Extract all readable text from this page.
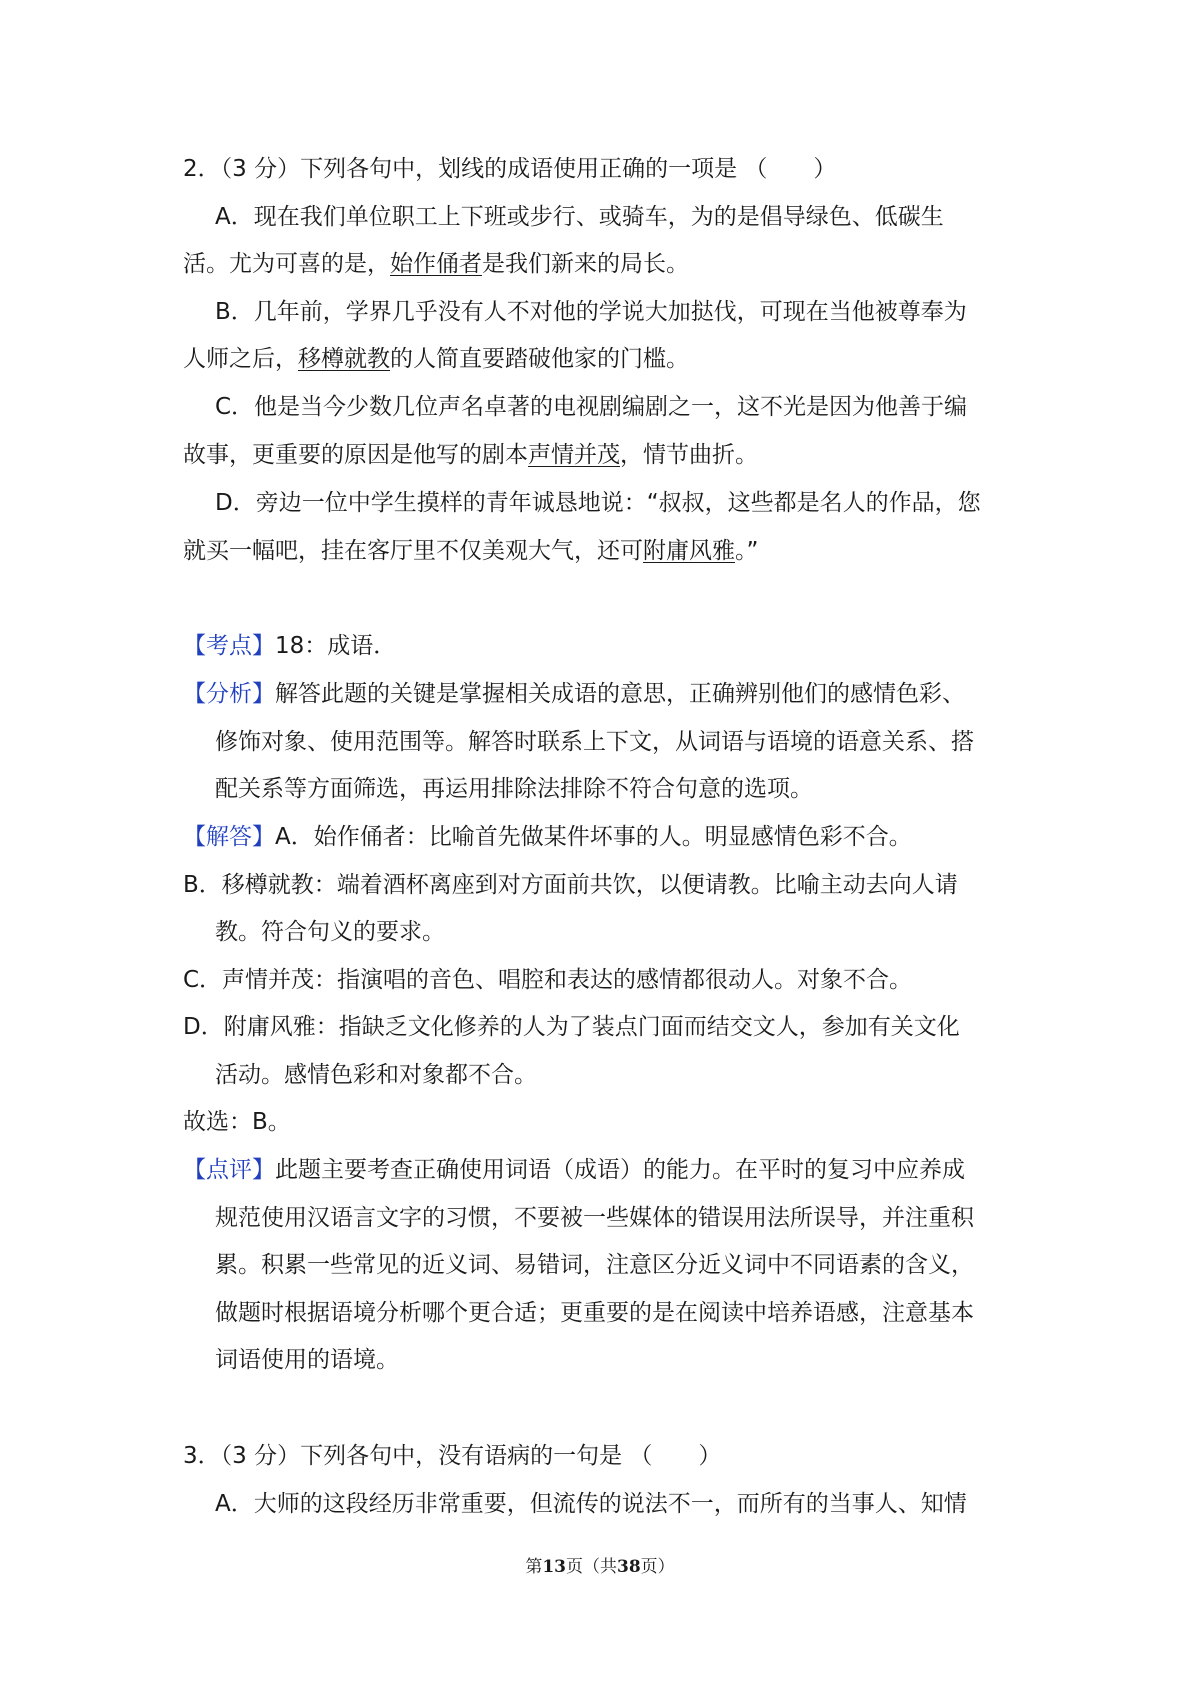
2．（3 分）下列各句中，划线的成语使用正确的一项是 （　　）
A．现在我们单位职工上下班或步行、或骑车，为的是倡导绿色、低碳生
活。尤为可喜的是，始作俑者是我们新来的局长。
B．几年前，学界几乎没有人不对他的学说大加挞伐，可现在当他被尊奉为
人师之后，移樽就教的人简直要踏破他家的门槛。
C．他是当今少数几位声名卓著的电视剧编剧之一，这不光是因为他善于编
故事，更重要的原因是他写的剧本声情并茂，情节曲折。
D．旁边一位中学生摸样的青年诚恳地说：“叔叔，这些都是名人的作品，您
就买一幅吧，挂在客厅里不仅美观大气，还可附庸风雅。”
【考点】18：成语．
【分析】解答此题的关键是掌握相关成语的意思，正确辨别他们的感情色彩、
修饰对象、使用范围等。解答时联系上下文，从词语与语境的语意关系、搭
配关系等方面筛选，再运用排除法排除不符合句意的选项。
【解答】A．始作俑者：比喻首先做某件坏事的人。明显感情色彩不合。
B．移樽就教：端着酒杯离座到对方面前共饮，以便请教。比喻主动去向人请
教。符合句义的要求。
C．声情并茂：指演唱的音色、唱腔和表达的感情都很动人。对象不合。
D．附庸风雅：指缺乏文化修养的人为了装点门面而结交文人，参加有关文化
活动。感情色彩和对象都不合。
故选：B。
【点评】此题主要考查正确使用词语（成语）的能力。在平时的复习中应养成
规范使用汉语言文字的习惯，不要被一些媒体的错误用法所误导，并注重积
累。积累一些常见的近义词、易错词，注意区分近义词中不同语素的含义，
做题时根据语境分析哪个更合适；更重要的是在阅读中培养语感，注意基本
词语使用的语境。
3．（3 分）下列各句中，没有语病的一句是 （　　）
A．大师的这段经历非常重要，但流传的说法不一，而所有的当事人、知情
第13页（共38页）
